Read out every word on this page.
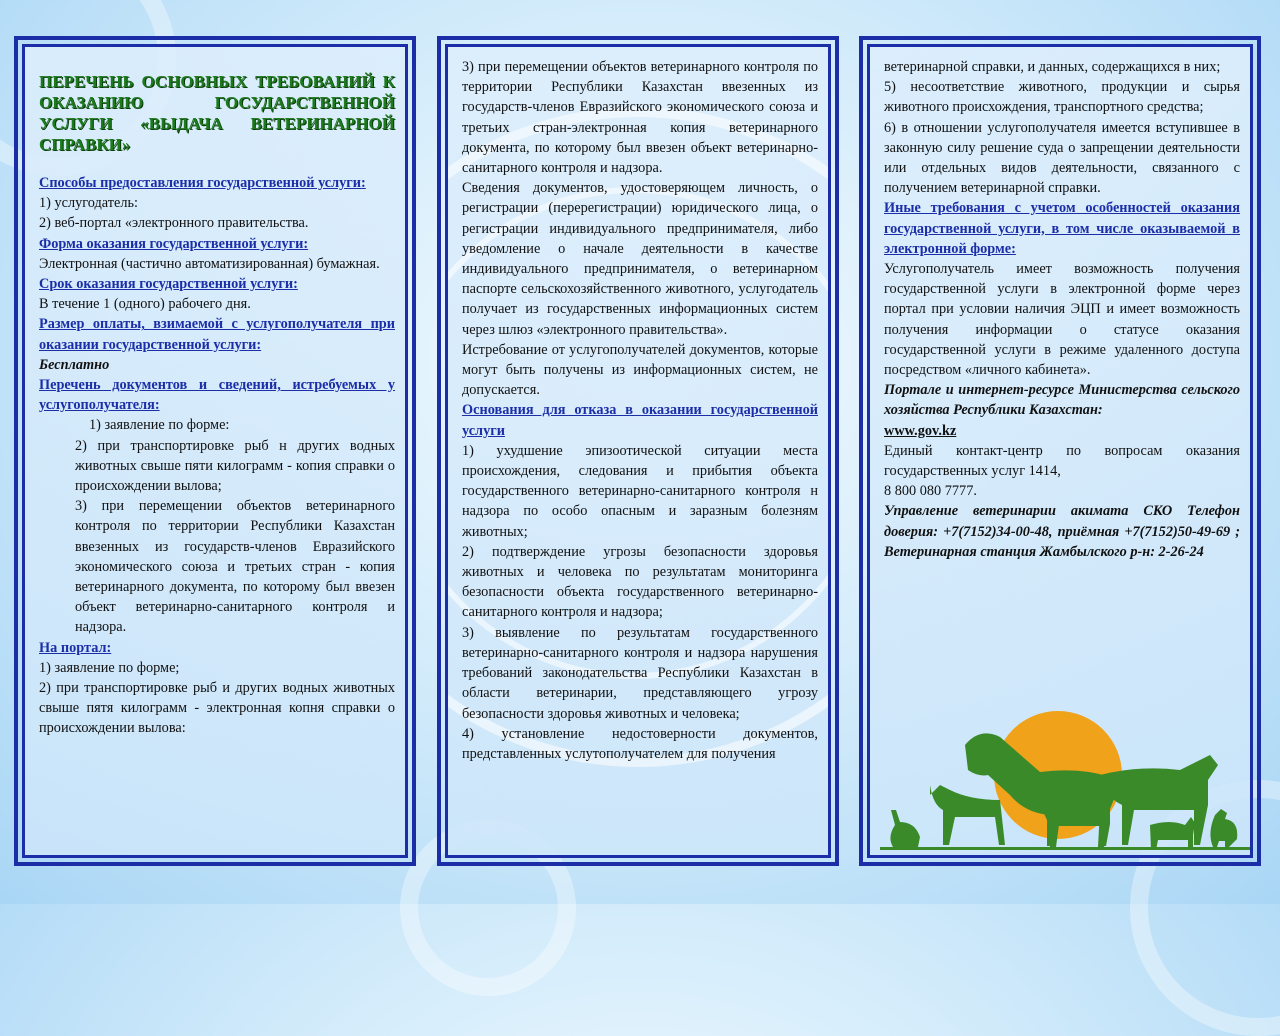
ПЕРЕЧЕНЬ ОСНОВНЫХ ТРЕБОВАНИЙ К ОКАЗАНИЮ ГОСУДАРСТВЕННОЙ УСЛУГИ «ВЫДАЧА ВЕТЕРИНАРНОЙ СПРАВКИ»

Способы предоставления государственной услуги:

1) услугодатель:

2) веб-портал «электронного правительства.

Форма оказания государственной услуги:

Электронная (частично автоматизированная) бумажная.

Срок оказания государственной услуги:

В течение 1 (одного) рабочего дня.

Размер оплаты, взимаемой с услугополучателя при оказании государственной услуги:

Бесплатно

Перечень документов и сведений, истребуемых у услугополучателя:

1) заявление по форме:

2) при транспортировке рыб н других водных животных свыше пяти килограмм - копия справки о происхождении вылова;

3) при перемещении объектов ветеринарного контроля по территории Республики Казахстан ввезенных из государств-членов Евразийского экономического союза и третьих стран - копия ветеринарного документа, по которому был ввезен объект ветеринарно-санитарного контроля и надзора.

На портал:

1) заявление по форме;

2) при транспортировке рыб и других водных животных свыше пятя килограмм - электронная копня справки о происхождении вылова:

3) при перемещении объектов ветеринарного контроля по территории Республики Казахстан ввезенных из государств-членов Евразийского экономического союза и третьих стран-электронная копия ветеринарного документа, по которому был ввезен объект ветеринарно-санитарного контроля и надзора.

Сведения документов, удостоверяющем личность, о регистрации (перерегистрации) юридического лица, о регистрации индивидуального предпринимателя, либо уведомление о начале деятельности в качестве индивидуального предпринимателя, о ветеринарном паспорте сельскохозяйственного животного, услугодатель получает из государственных информационных систем через шлюз «электронного правительства».

Истребование от услугополучателей документов, которые могут быть получены из информационных систем, не допускается.

Основания для отказа в оказании государственной услуги

1) ухудшение эпизоотической ситуации места происхождения, следования и прибытия объекта государственного ветеринарно-санитарного контроля н надзора по особо опасным и заразным болезням животных;

2) подтверждение угрозы безопасности здоровья животных и человека по результатам мониторинга безопасности объекта государственного ветеринарно- санитарного контроля и надзора;

3) выявление по результатам государственного ветеринарно-санитарного контроля и надзора нарушения требований законодательства Республики Казахстан в области ветеринарии, представляющего угрозу безопасности здоровья животных и человека;

4) установление недостоверности документов, представленных услутополучателем для получения

ветеринарной справки, и данных, содержащихся в них;

5) несоответствие животного, продукции и сырья животного происхождения, транспортного средства;

6) в отношении услугополучателя имеется вступившее в законную силу решение суда о запрещении деятельности или отдельных видов деятельности, связанного с получением ветеринарной справки.

Иные требования с учетом особенностей оказания государственной услуги, в том числе оказываемой в электронной форме:

Услугополучатель имеет возможность получения государственной услуги в электронной форме через портал при условии наличия ЭЦП и имеет возможность получения информации о статусе оказания государственной услуги в режиме удаленного доступа посредством «личного кабинета».

Портале и интернет-ресурсе Министерства сельского хозяйства Республики Казахстан:

www.gov.kz

Единый контакт-центр по вопросам оказания государственных услуг 1414,

8 800 080 7777.

Управление ветеринарии акимата СКО Телефон доверия: +7(7152)34-00-48, приёмная +7(7152)50-49-69 ; Ветеринарная станция Жамбылского р-н: 2-26-24
